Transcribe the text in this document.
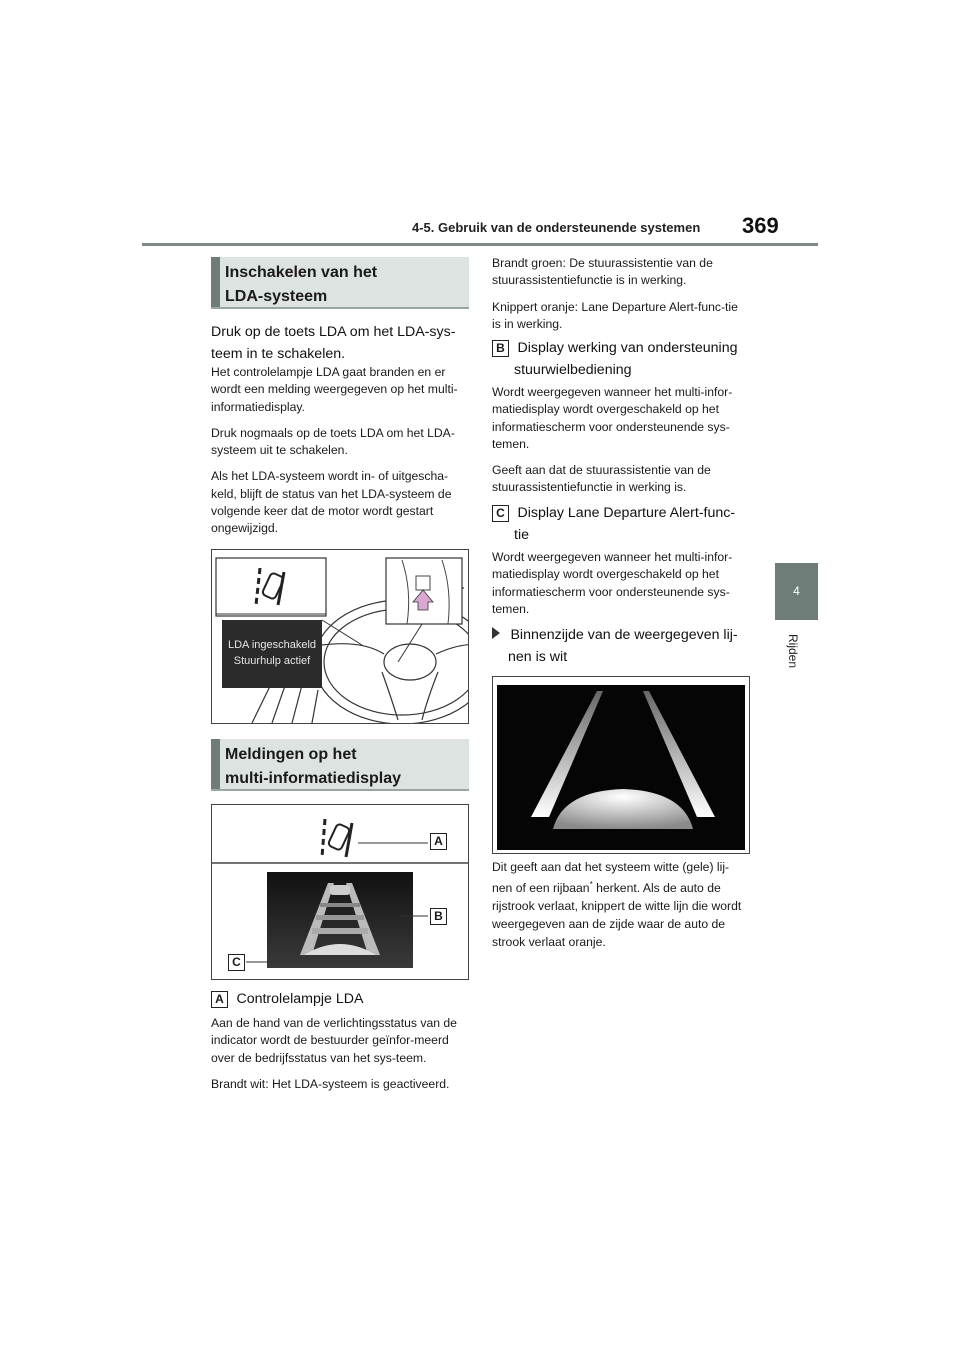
4-5. Gebruik van de ondersteunende systemen 369
4
Rijden
Inschakelen van het
LDA-systeem
Druk op de toets LDA om het LDA-sys-
teem in te schakelen.

Het controlelampje LDA gaat branden en er wordt een melding weergegeven op het multi-informatiedisplay.

Druk nogmaals op de toets LDA om het LDA-systeem uit te schakelen.

Als het LDA-systeem wordt in- of uitgescha-keld, blijft de status van het LDA-systeem de volgende keer dat de motor wordt gestart ongewijzigd.

LDA ingeschakeld
Stuurhulp actief
Meldingen op het
multi-informatiedisplay
A
B
C
A Controlelampje LDA

Aan de hand van de verlichtingsstatus van de indicator wordt de bestuurder geïnfor-meerd over de bedrijfsstatus van het sys-teem.

Brandt wit: Het LDA-systeem is geactiveerd.

Brandt groen: De stuurassistentie van de stuurassistentiefunctie is in werking.

Knippert oranje: Lane Departure Alert-func-tie is in werking.

B Display werking van ondersteuning
stuurwielbediening

Wordt weergegeven wanneer het multi-infor-matiedisplay wordt overgeschakeld op het informatiescherm voor ondersteunende sys-temen.

Geeft aan dat de stuurassistentie van de stuurassistentiefunctie in werking is.

C Display Lane Departure Alert-func-
tie

Wordt weergegeven wanneer het multi-infor-matiedisplay wordt overgeschakeld op het informatiescherm voor ondersteunende sys-temen.

Binnenzijde van de weergegeven lij-
nen is wit
Dit geeft aan dat het systeem witte (gele) lij-nen of een rijbaan* herkent. Als de auto de rijstrook verlaat, knippert de witte lijn die wordt weergegeven aan de zijde waar de auto de strook verlaat oranje.
